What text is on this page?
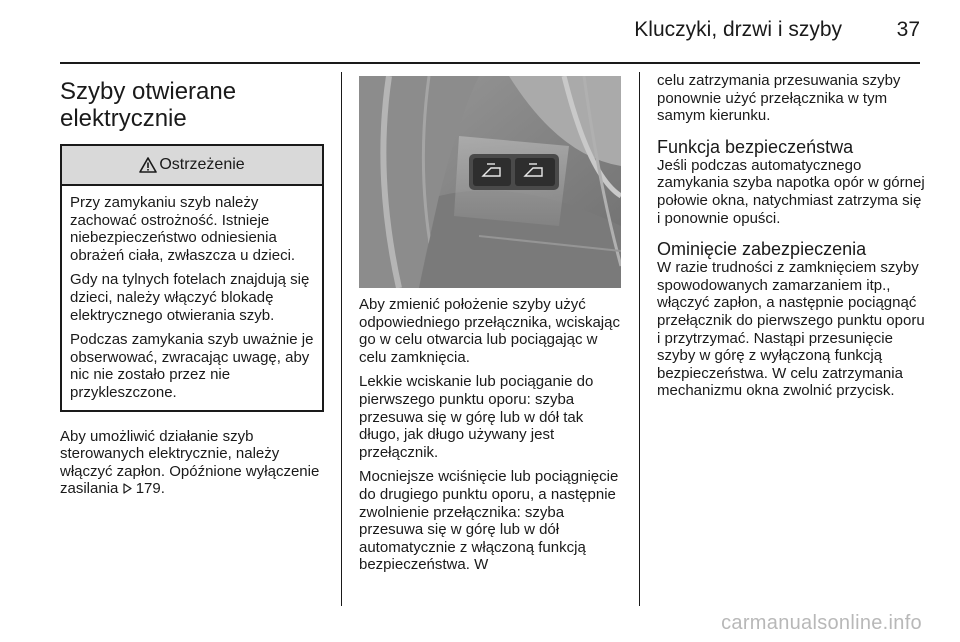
Kluczyki, drzwi i szyby	37
Szyby otwierane
elektrycznie
Ostrzeżenie

Przy zamykaniu szyb należy zachować ostrożność. Istnieje niebezpieczeństwo odniesienia obrażeń ciała, zwłaszcza u dzieci.

Gdy na tylnych fotelach znajdują się dzieci, należy włączyć blokadę elektrycznego otwierania szyb.

Podczas zamykania szyb uważnie je obserwować, zwracając uwagę, aby nic nie zostało przez nie przykleszczone.

Aby umożliwić działanie szyb sterowanych elektrycznie, należy włączyć zapłon. Opóźnione wyłączenie zasilania 179.

Aby zmienić położenie szyby użyć odpowiedniego przełącznika, wciskając go w celu otwarcia lub pociągając w celu zamknięcia.

Lekkie wciskanie lub pociąganie do pierwszego punktu oporu: szyba przesuwa się w górę lub w dół tak długo, jak długo używany jest przełącznik.

Mocniejsze wciśnięcie lub pociągnięcie do drugiego punktu oporu, a następnie zwolnienie przełącznika: szyba przesuwa się w górę lub w dół automatycznie z włączoną funkcją bezpieczeństwa. W

celu zatrzymania przesuwania szyby ponownie użyć przełącznika w tym samym kierunku.

Funkcja bezpieczeństwa

Jeśli podczas automatycznego zamykania szyba napotka opór w górnej połowie okna, natychmiast zatrzyma się i ponownie opuści.

Ominięcie zabezpieczenia

W razie trudności z zamknięciem szyby spowodowanych zamarzaniem itp., włączyć zapłon, a następnie pociągnąć przełącznik do pierwszego punktu oporu i przytrzymać. Nastąpi przesunięcie szyby w górę z wyłączoną funkcją bezpieczeństwa. W celu zatrzymania mechanizmu okna zwolnić przycisk.

carmanualsonline.info
